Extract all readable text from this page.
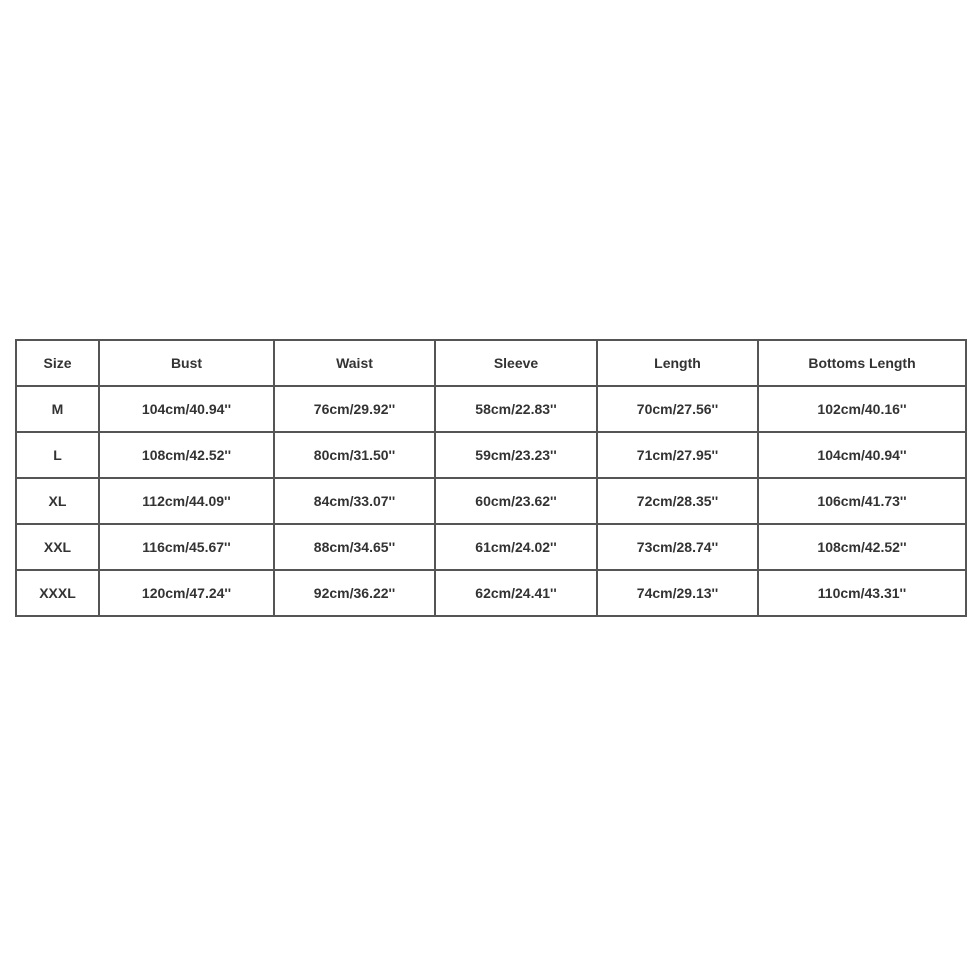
Size	Bust	Waist	Sleeve	Length	Bottoms Length
M	104cm/40.94''	76cm/29.92''	58cm/22.83''	70cm/27.56''	102cm/40.16''
L	108cm/42.52''	80cm/31.50''	59cm/23.23''	71cm/27.95''	104cm/40.94''
XL	112cm/44.09''	84cm/33.07''	60cm/23.62''	72cm/28.35''	106cm/41.73''
XXL	116cm/45.67''	88cm/34.65''	61cm/24.02''	73cm/28.74''	108cm/42.52''
XXXL	120cm/47.24''	92cm/36.22''	62cm/24.41''	74cm/29.13''	110cm/43.31''
